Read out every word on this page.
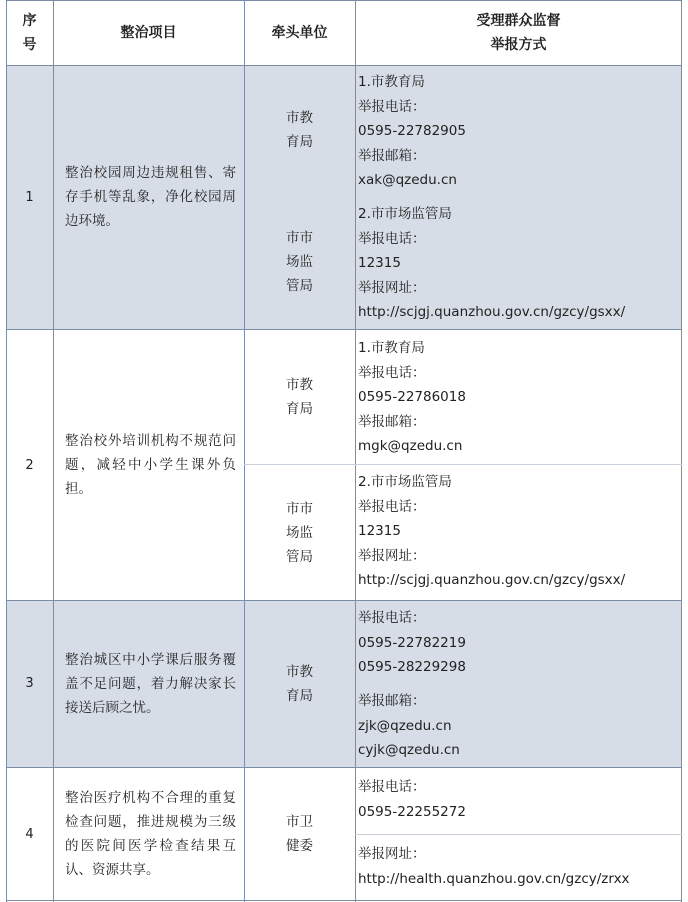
序
号
整治项目	牵头单位
受理群众监督
举报方式
1
整治校园周边违规租售、寄存手机等乱象，净化校园周边环境。
市教育局
市市场监管局
1.市教育局
举报电话：
0595-22782905
举报邮箱：
xak@qzedu.cn
2.市市场监管局
举报电话：
12315
举报网址：
http://scjgj.quanzhou.gov.cn/gzcy/gsxx/
2
整治校外培训机构不规范问题，减轻中小学生课外负担。
市教育局
市市场监管局
1.市教育局
举报电话：
0595-22786018
举报邮箱：
mgk@qzedu.cn
2.市市场监管局
举报电话：
12315
举报网址：
http://scjgj.quanzhou.gov.cn/gzcy/gsxx/
3
整治城区中小学课后服务覆盖不足问题，着力解决家长接送后顾之忧。
市教育局
举报电话：
0595-22782219
0595-28229298
举报邮箱：
zjk@qzedu.cn
cyjk@qzedu.cn
4
整治医疗机构不合理的重复检查问题，推进规模为三级的医院间医学检查结果互认、资源共享。
市卫健委
举报电话：
0595-22255272
举报网址：
http://health.quanzhou.gov.cn/gzcy/zrxx
